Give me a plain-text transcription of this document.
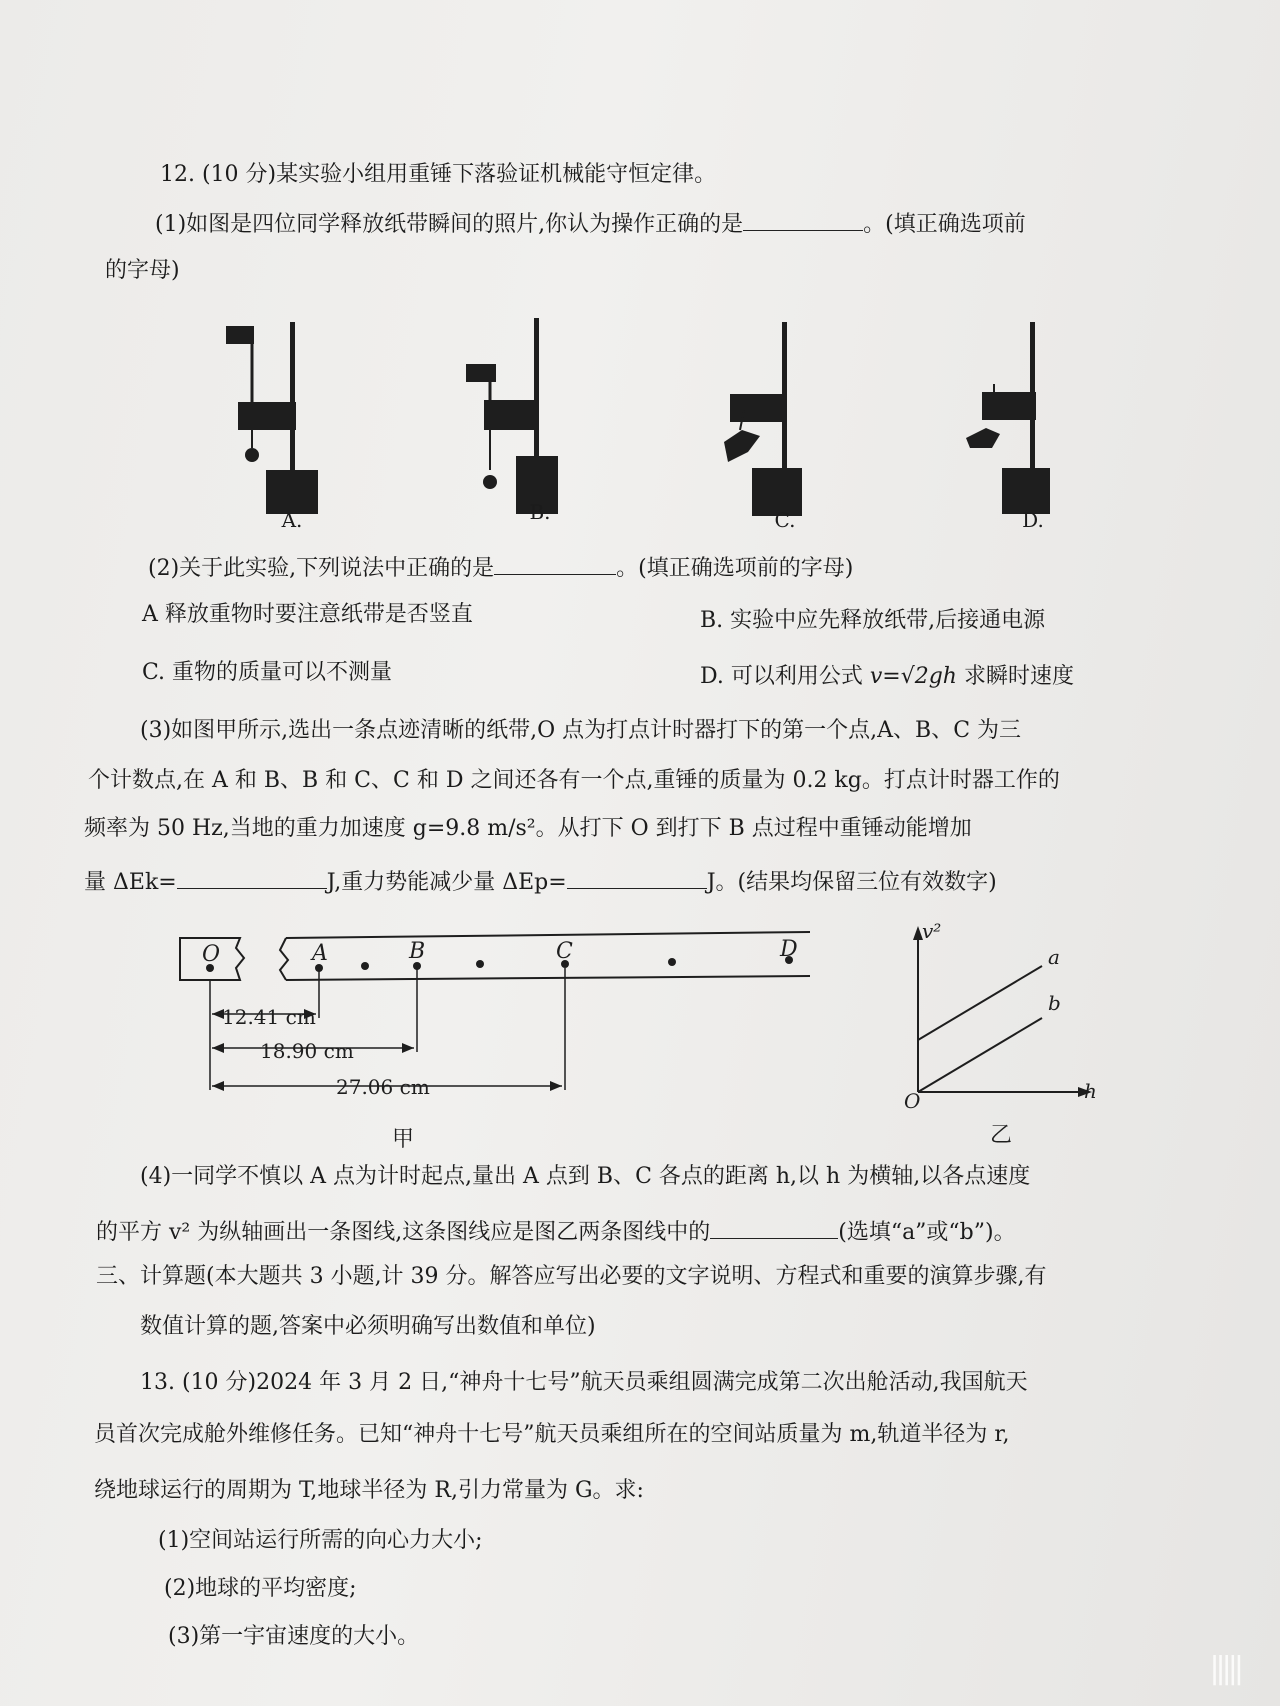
12. (10 分)某实验小组用重锤下落验证机械能守恒定律。
(1)如图是四位同学释放纸带瞬间的照片,你认为操作正确的是	。(填正确选项前
的字母)
A.	B.	C.	D.
(2)关于此实验,下列说法中正确的是	。(填正确选项前的字母)
A 释放重物时要注意纸带是否竖直	B. 实验中应先释放纸带,后接通电源
C. 重物的质量可以不测量	D. 可以利用公式 v=√2gh 求瞬时速度
(3)如图甲所示,选出一条点迹清晰的纸带,O 点为打点计时器打下的第一个点,A、B、C 为三
个计数点,在 A 和 B、B 和 C、C 和 D 之间还各有一个点,重锤的质量为 0.2 kg。打点计时器工作的
频率为 50 Hz,当地的重力加速度 g=9.8 m/s²。从打下 O 到打下 B 点过程中重锤动能增加
量 ΔEk=	J,重力势能减少量 ΔEp=	J。(结果均保留三位有效数字)
O	A	B	C	D
12.41 cm
18.90 cm
27.06 cm
甲
v²
h
O
a
b
乙
(4)一同学不慎以 A 点为计时起点,量出 A 点到 B、C 各点的距离 h,以 h 为横轴,以各点速度
的平方 v² 为纵轴画出一条图线,这条图线应是图乙两条图线中的	(选填“a”或“b”)。
三、计算题(本大题共 3 小题,计 39 分。解答应写出必要的文字说明、方程式和重要的演算步骤,有
数值计算的题,答案中必须明确写出数值和单位)
13. (10 分)2024 年 3 月 2 日,“神舟十七号”航天员乘组圆满完成第二次出舱活动,我国航天
员首次完成舱外维修任务。已知“神舟十七号”航天员乘组所在的空间站质量为 m,轨道半径为 r,
绕地球运行的周期为 T,地球半径为 R,引力常量为 G。求:
(1)空间站运行所需的向心力大小;
(2)地球的平均密度;
(3)第一宇宙速度的大小。
|||||
